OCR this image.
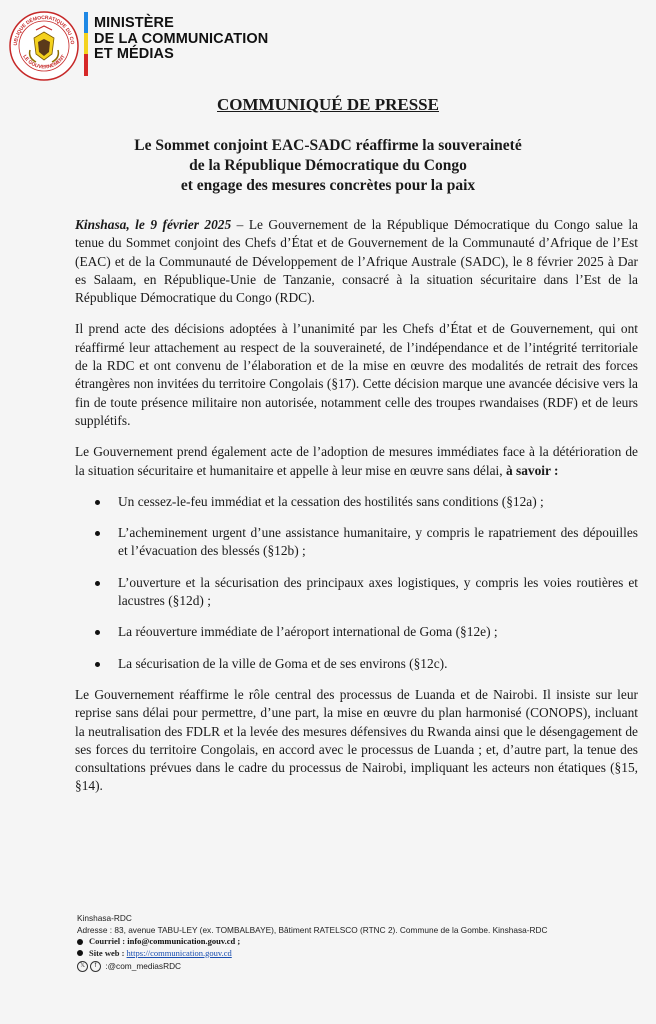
UBLIQUE DÉMOCRATIQUE DU CO
LE GOUVERNEMENT
MINISTÈRE
DE LA COMMUNICATION
ET MÉDIAS
COMMUNIQUÉ DE PRESSE
Le Sommet conjoint EAC-SADC réaffirme la souveraineté
de la République Démocratique du Congo
et engage des mesures concrètes pour la paix

Kinshasa, le 9 février 2025 – Le Gouvernement de la République Démocratique du Congo salue la tenue du Sommet conjoint des Chefs d’État et de Gouvernement de la Communauté d’Afrique de l’Est (EAC) et de la Communauté de Développement de l’Afrique Australe (SADC), le 8 février 2025 à Dar es Salaam, en République-Unie de Tanzanie, consacré à la situation sécuritaire dans l’Est de la République Démocratique du Congo (RDC).

Il prend acte des décisions adoptées à l’unanimité par les Chefs d’État et de Gouvernement, qui ont réaffirmé leur attachement au respect de la souveraineté, de l’indépendance et de l’intégrité territoriale de la RDC et ont convenu de l’élaboration et de la mise en œuvre des modalités de retrait des forces étrangères non invitées du territoire Congolais (§17). Cette décision marque une avancée décisive vers la fin de toute présence militaire non autorisée, notamment celle des troupes rwandaises (RDF) et de leurs supplétifs.

Le Gouvernement prend également acte de l’adoption de mesures immédiates face à la détérioration de la situation sécuritaire et humanitaire et appelle à leur mise en œuvre sans délai, à savoir :

Un cessez-le-feu immédiat et la cessation des hostilités sans conditions (§12a) ;
L’acheminement urgent d’une assistance humanitaire, y compris le rapatriement des dépouilles et l’évacuation des blessés (§12b) ;
L’ouverture et la sécurisation des principaux axes logistiques, y compris les voies routières et lacustres (§12d) ;
La réouverture immédiate de l’aéroport international de Goma (§12e) ;
La sécurisation de la ville de Goma et de ses environs (§12c).

Le Gouvernement réaffirme le rôle central des processus de Luanda et de Nairobi. Il insiste sur leur reprise sans délai pour permettre, d’une part, la mise en œuvre du plan harmonisé (CONOPS), incluant la neutralisation des FDLR et la levée des mesures défensives du Rwanda ainsi que le désengagement de ses forces du territoire Congolais, en accord avec le processus de Luanda ; et, d’autre part, la tenue des consultations prévues dans le cadre du processus de Nairobi, impliquant les acteurs non étatiques (§15, §14).

Kinshasa-RDC
Adresse : 83, avenue TABU-LEY (ex. TOMBALBAYE), Bâtiment RATELSCO (RTNC 2). Commune de la Gombe. Kinshasa-RDC
Courriel : info@communication.gouv.cd ;
Site web : https://communication.gouv.cd
𝕏 f :@com_mediasRDC
